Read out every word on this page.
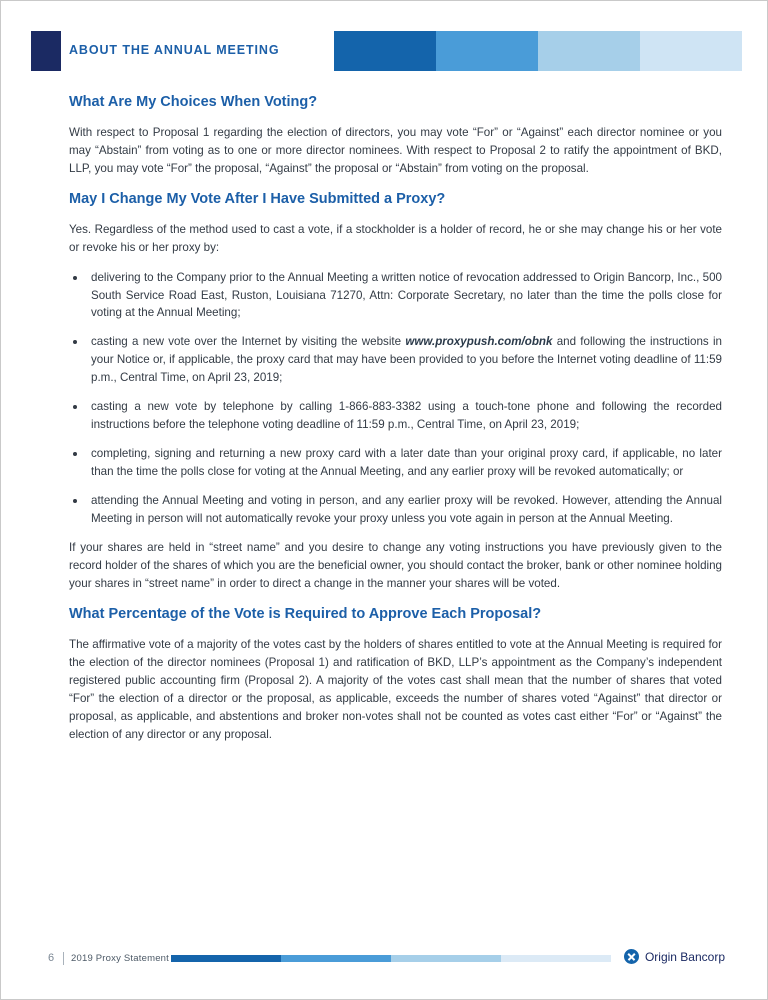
ABOUT THE ANNUAL MEETING
What Are My Choices When Voting?

With respect to Proposal 1 regarding the election of directors, you may vote “For” or “Against” each director nominee or you may “Abstain” from voting as to one or more director nominees. With respect to Proposal 2 to ratify the appointment of BKD, LLP, you may vote “For” the proposal, “Against” the proposal or “Abstain” from voting on the proposal.

May I Change My Vote After I Have Submitted a Proxy?

Yes. Regardless of the method used to cast a vote, if a stockholder is a holder of record, he or she may change his or her vote or revoke his or her proxy by:

delivering to the Company prior to the Annual Meeting a written notice of revocation addressed to Origin Bancorp, Inc., 500 South Service Road East, Ruston, Louisiana 71270, Attn: Corporate Secretary, no later than the time the polls close for voting at the Annual Meeting;
casting a new vote over the Internet by visiting the website www.proxypush.com/obnk and following the instructions in your Notice or, if applicable, the proxy card that may have been provided to you before the Internet voting deadline of 11:59 p.m., Central Time, on April 23, 2019;
casting a new vote by telephone by calling 1-866-883-3382 using a touch-tone phone and following the recorded instructions before the telephone voting deadline of 11:59 p.m., Central Time, on April 23, 2019;
completing, signing and returning a new proxy card with a later date than your original proxy card, if applicable, no later than the time the polls close for voting at the Annual Meeting, and any earlier proxy will be revoked automatically; or
attending the Annual Meeting and voting in person, and any earlier proxy will be revoked. However, attending the Annual Meeting in person will not automatically revoke your proxy unless you vote again in person at the Annual Meeting.

If your shares are held in “street name” and you desire to change any voting instructions you have previously given to the record holder of the shares of which you are the beneficial owner, you should contact the broker, bank or other nominee holding your shares in “street name” in order to direct a change in the manner your shares will be voted.

What Percentage of the Vote is Required to Approve Each Proposal?

The affirmative vote of a majority of the votes cast by the holders of shares entitled to vote at the Annual Meeting is required for the election of the director nominees (Proposal 1) and ratification of BKD, LLP’s appointment as the Company’s independent registered public accounting firm (Proposal 2). A majority of the votes cast shall mean that the number of shares that voted “For” the election of a director or the proposal, as applicable, exceeds the number of shares voted “Against” that director or proposal, as applicable, and abstentions and broker non-votes shall not be counted as votes cast either “For” or “Against” the election of any director or any proposal.

6 2019 Proxy Statement	Origin Bancorp
